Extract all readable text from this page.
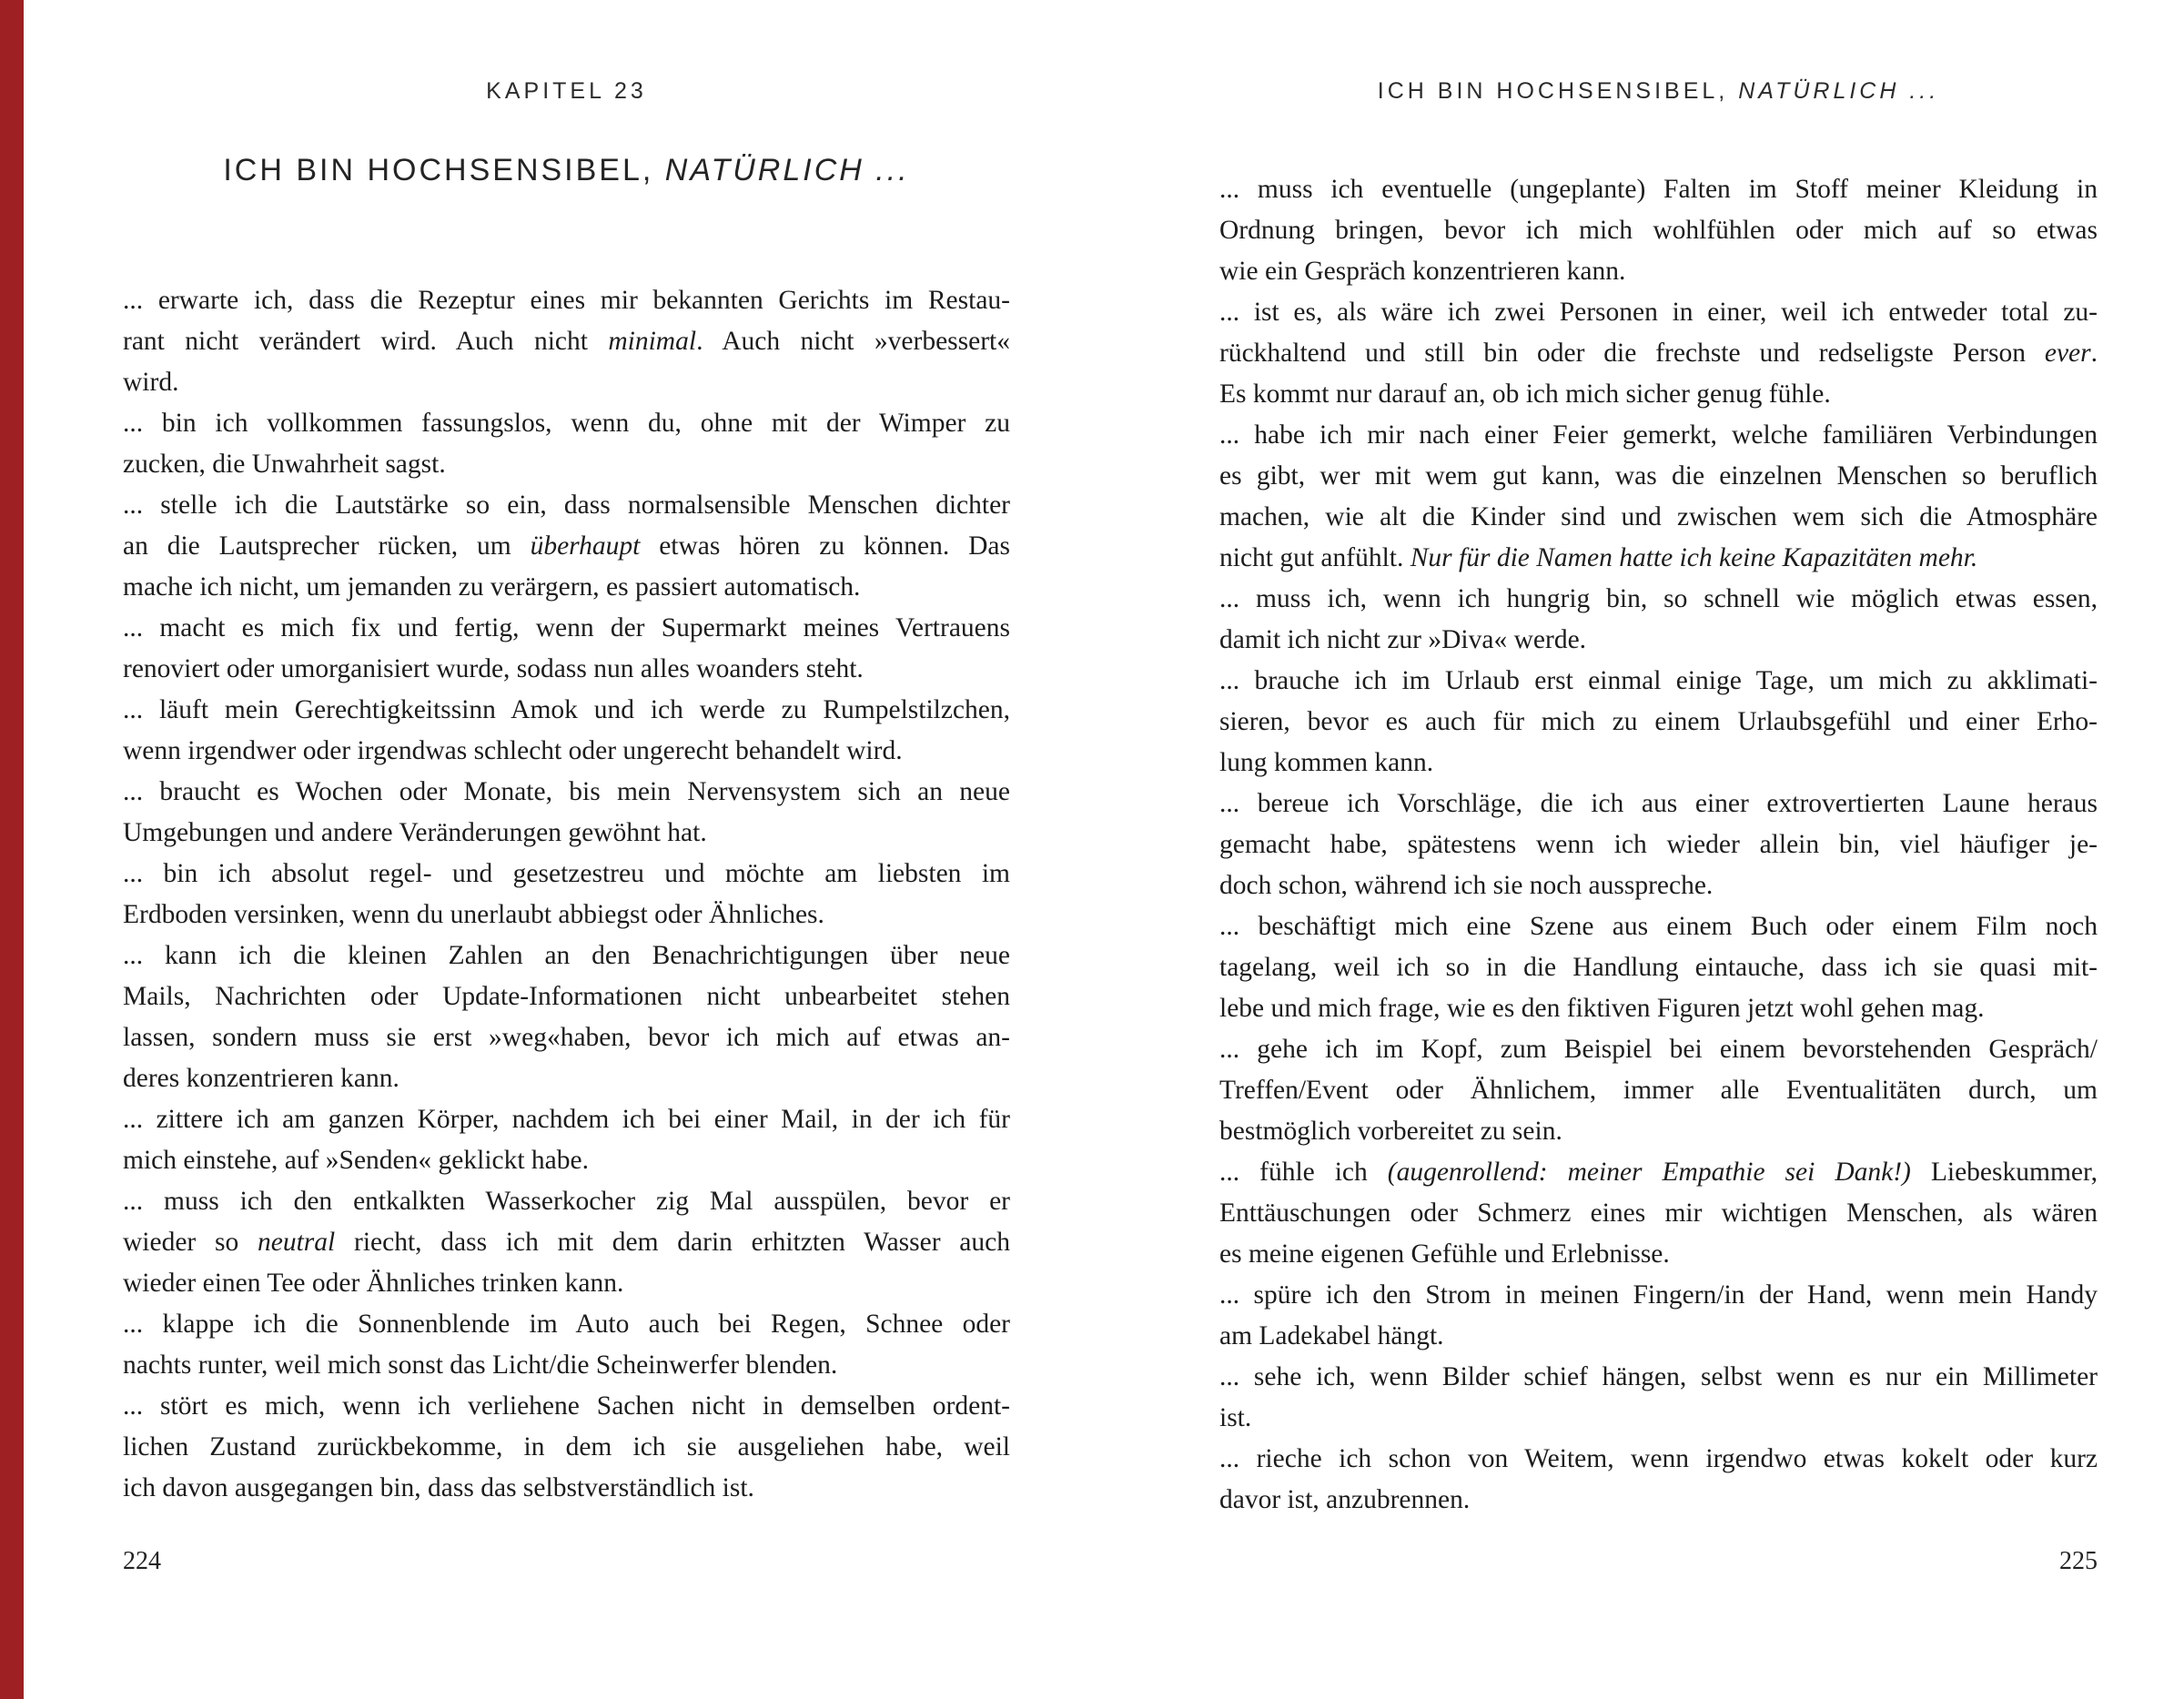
KAPITEL 23
ICH BIN HOCHSENSIBEL, NATÜRLICH ...
... erwarte ich, dass die Rezeptur eines mir bekannten Gerichts im Restau-
rant nicht verändert wird. Auch nicht minimal. Auch nicht »verbessert«
wird.
... bin ich vollkommen fassungslos, wenn du, ohne mit der Wimper zu
zucken, die Unwahrheit sagst.
... stelle ich die Lautstärke so ein, dass normalsensible Menschen dichter
an die Lautsprecher rücken, um überhaupt etwas hören zu können. Das
mache ich nicht, um jemanden zu verärgern, es passiert automatisch.
... macht es mich fix und fertig, wenn der Supermarkt meines Vertrauens
renoviert oder umorganisiert wurde, sodass nun alles woanders steht.
... läuft mein Gerechtigkeitssinn Amok und ich werde zu Rumpelstilzchen,
wenn irgendwer oder irgendwas schlecht oder ungerecht behandelt wird.
... braucht es Wochen oder Monate, bis mein Nervensystem sich an neue
Umgebungen und andere Veränderungen gewöhnt hat.
... bin ich absolut regel- und gesetzestreu und möchte am liebsten im
Erdboden versinken, wenn du unerlaubt abbiegst oder Ähnliches.
... kann ich die kleinen Zahlen an den Benachrichtigungen über neue
Mails, Nachrichten oder Update-Informationen nicht unbearbeitet stehen
lassen, sondern muss sie erst »weg«haben, bevor ich mich auf etwas an-
deres konzentrieren kann.
... zittere ich am ganzen Körper, nachdem ich bei einer Mail, in der ich für
mich einstehe, auf »Senden« geklickt habe.
... muss ich den entkalkten Wasserkocher zig Mal ausspülen, bevor er
wieder so neutral riecht, dass ich mit dem darin erhitzten Wasser auch
wieder einen Tee oder Ähnliches trinken kann.
... klappe ich die Sonnenblende im Auto auch bei Regen, Schnee oder
nachts runter, weil mich sonst das Licht/die Scheinwerfer blenden.
... stört es mich, wenn ich verliehene Sachen nicht in demselben ordent-
lichen Zustand zurückbekomme, in dem ich sie ausgeliehen habe, weil
ich davon ausgegangen bin, dass das selbstverständlich ist.
224
ICH BIN HOCHSENSIBEL, NATÜRLICH ...
... muss ich eventuelle (ungeplante) Falten im Stoff meiner Kleidung in
Ordnung bringen, bevor ich mich wohlfühlen oder mich auf so etwas
wie ein Gespräch konzentrieren kann.
... ist es, als wäre ich zwei Personen in einer, weil ich entweder total zu-
rückhaltend und still bin oder die frechste und redseligste Person ever.
Es kommt nur darauf an, ob ich mich sicher genug fühle.
... habe ich mir nach einer Feier gemerkt, welche familiären Verbindungen
es gibt, wer mit wem gut kann, was die einzelnen Menschen so beruflich
machen, wie alt die Kinder sind und zwischen wem sich die Atmosphäre
nicht gut anfühlt. Nur für die Namen hatte ich keine Kapazitäten mehr.
... muss ich, wenn ich hungrig bin, so schnell wie möglich etwas essen,
damit ich nicht zur »Diva« werde.
... brauche ich im Urlaub erst einmal einige Tage, um mich zu akklimati-
sieren, bevor es auch für mich zu einem Urlaubsgefühl und einer Erho-
lung kommen kann.
... bereue ich Vorschläge, die ich aus einer extrovertierten Laune heraus
gemacht habe, spätestens wenn ich wieder allein bin, viel häufiger je-
doch schon, während ich sie noch ausspreche.
... beschäftigt mich eine Szene aus einem Buch oder einem Film noch
tagelang, weil ich so in die Handlung eintauche, dass ich sie quasi mit-
lebe und mich frage, wie es den fiktiven Figuren jetzt wohl gehen mag.
... gehe ich im Kopf, zum Beispiel bei einem bevorstehenden Gespräch/
Treffen/Event oder Ähnlichem, immer alle Eventualitäten durch, um
bestmöglich vorbereitet zu sein.
... fühle ich (augenrollend: meiner Empathie sei Dank!) Liebeskummer,
Enttäuschungen oder Schmerz eines mir wichtigen Menschen, als wären
es meine eigenen Gefühle und Erlebnisse.
... spüre ich den Strom in meinen Fingern/in der Hand, wenn mein Handy
am Ladekabel hängt.
... sehe ich, wenn Bilder schief hängen, selbst wenn es nur ein Millimeter
ist.
... rieche ich schon von Weitem, wenn irgendwo etwas kokelt oder kurz
davor ist, anzubrennen.
225
